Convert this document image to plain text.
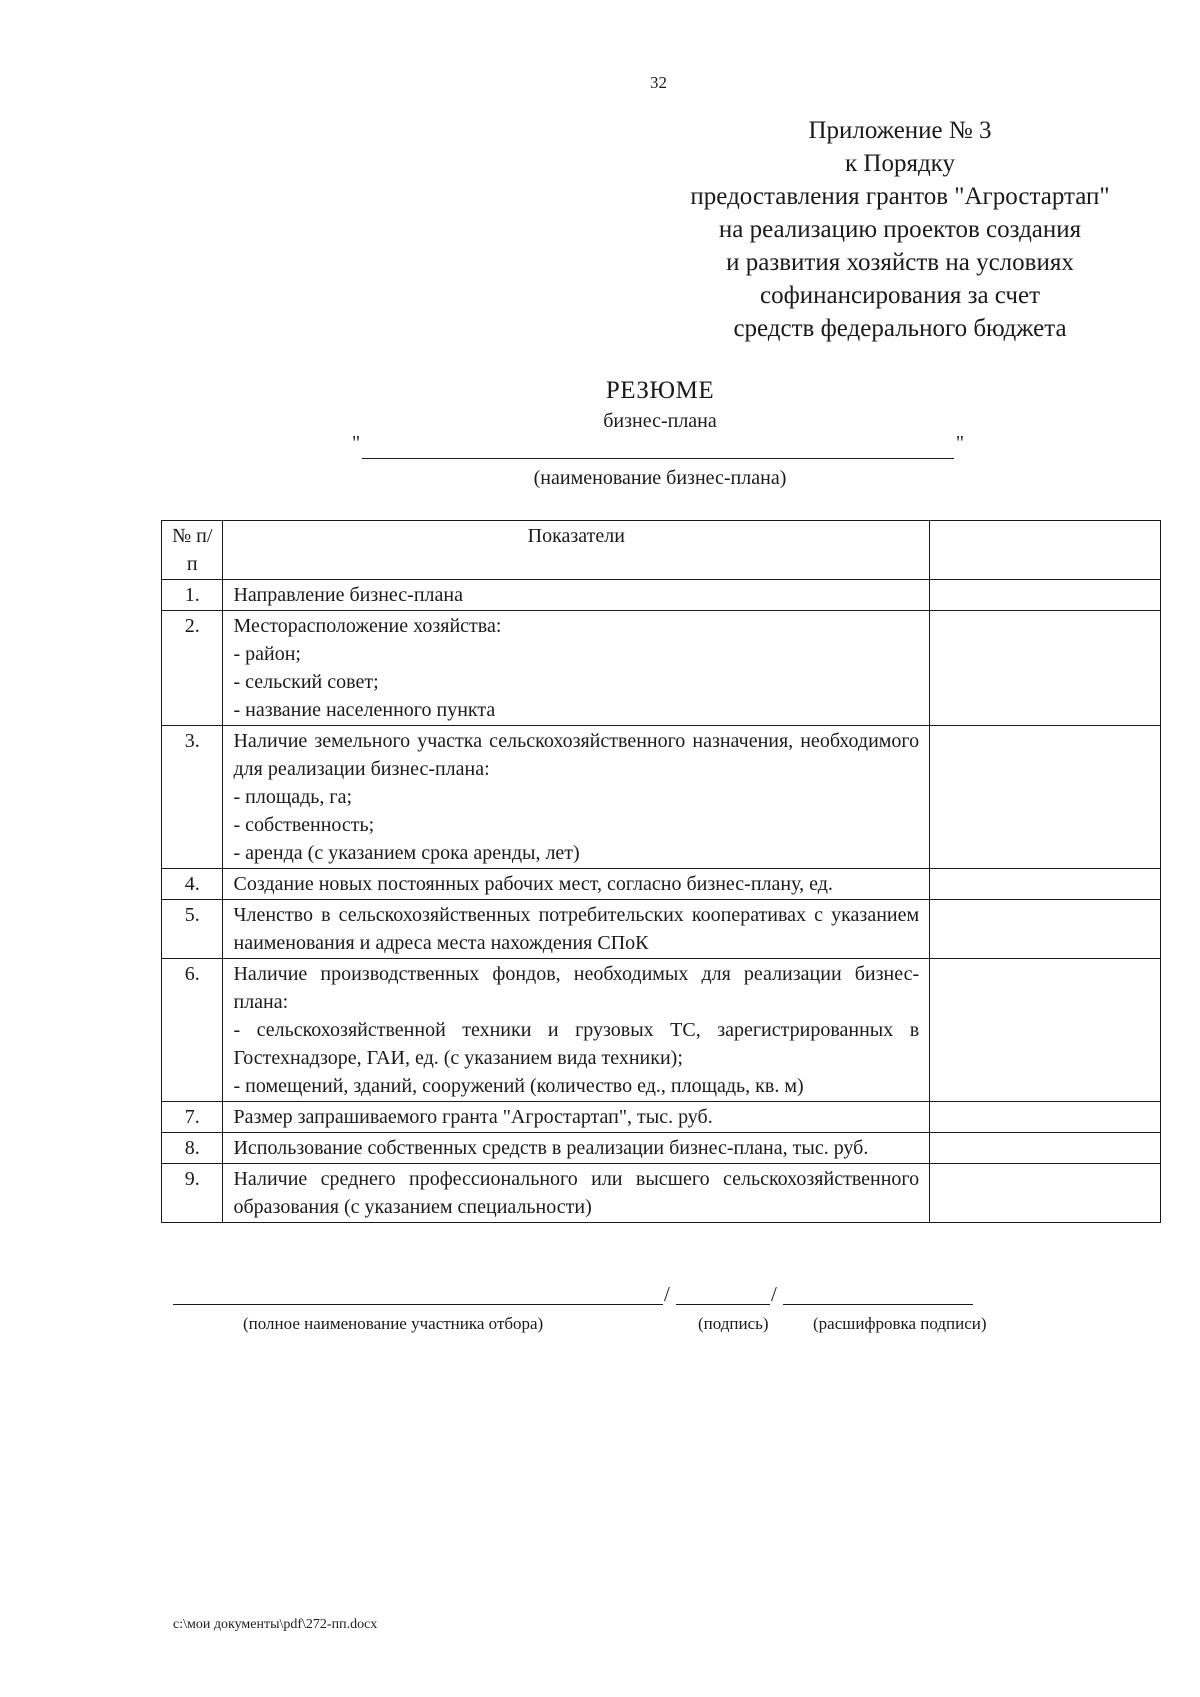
32
Приложение № 3
к Порядку
предоставления грантов "Агростартап"
на реализацию проектов создания
и развития хозяйств на условиях
софинансирования за счет
средств федерального бюджета
РЕЗЮМЕ
бизнес-плана
"	"
(наименование бизнес-плана)
№ п/п	Показатели	
1.	Направление бизнес-плана	

2.	Месторасположение хозяйства:
- район;
- сельский совет;
- название населенного пункта	

3.	Наличие земельного участка сельскохозяйственного назначения, необходимого для реализации бизнес-плана:
- площадь, га;
- собственность;
- аренда (с указанием срока аренды, лет)	

4.	Создание новых постоянных рабочих мест, согласно бизнес-плану, ед.	

5.	Членство в сельскохозяйственных потребительских кооперативах с указанием наименования и адреса места нахождения СПоК	

6.	Наличие производственных фондов, необходимых для реализации бизнес-плана:
- сельскохозяйственной техники и грузовых ТС, зарегистрированных в Гостехнадзоре, ГАИ, ед. (с указанием вида техники);
- помещений, зданий, сооружений (количество ед., площадь, кв. м)	

7.	Размер запрашиваемого гранта "Агростартап", тыс. руб.	

8.	Использование собственных средств в реализации бизнес-плана, тыс. руб.	

9.	Наличие среднего профессионального или высшего сельскохозяйственного образования (с указанием специальности)	

/	/
(полное наименование участника отбора)	(подпись)	(расшифровка подписи)
c:\мои документы\pdf\272-пп.docx
